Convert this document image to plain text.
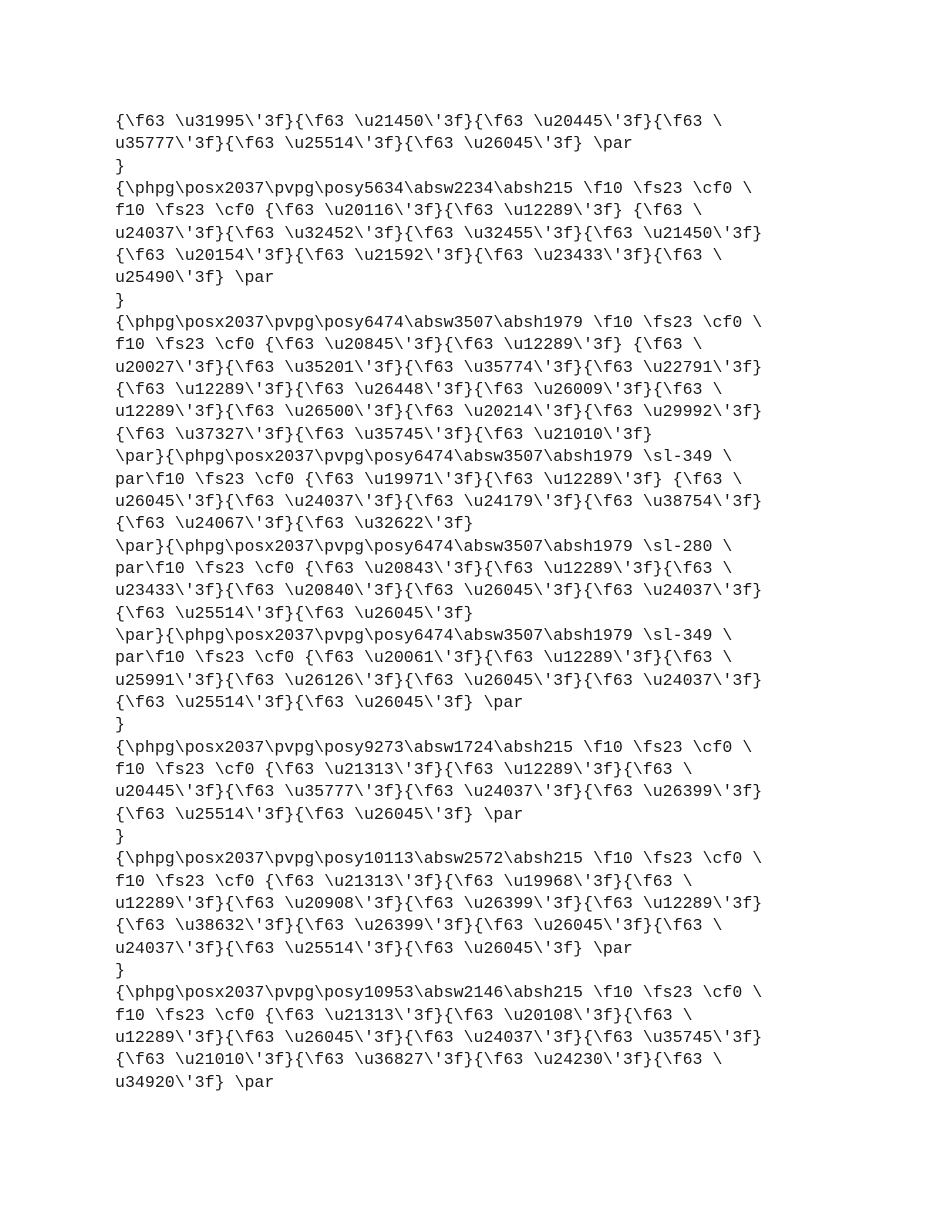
{\f63 \u31995\'3f}{\f63 \u21450\'3f}{\f63 \u20445\'3f}{\f63 \
u35777\'3f}{\f63 \u25514\'3f}{\f63 \u26045\'3f} \par
}
{\phpg\posx2037\pvpg\posy5634\absw2234\absh215 \f10 \fs23 \cf0 \
f10 \fs23 \cf0 {\f63 \u20116\'3f}{\f63 \u12289\'3f} {\f63 \
u24037\'3f}{\f63 \u32452\'3f}{\f63 \u32455\'3f}{\f63 \u21450\'3f}
{\f63 \u20154\'3f}{\f63 \u21592\'3f}{\f63 \u23433\'3f}{\f63 \
u25490\'3f} \par
}
{\phpg\posx2037\pvpg\posy6474\absw3507\absh1979 \f10 \fs23 \cf0 \
f10 \fs23 \cf0 {\f63 \u20845\'3f}{\f63 \u12289\'3f} {\f63 \
u20027\'3f}{\f63 \u35201\'3f}{\f63 \u35774\'3f}{\f63 \u22791\'3f}
{\f63 \u12289\'3f}{\f63 \u26448\'3f}{\f63 \u26009\'3f}{\f63 \
u12289\'3f}{\f63 \u26500\'3f}{\f63 \u20214\'3f}{\f63 \u29992\'3f}
{\f63 \u37327\'3f}{\f63 \u35745\'3f}{\f63 \u21010\'3f}
\par}{\phpg\posx2037\pvpg\posy6474\absw3507\absh1979 \sl-349 \
par\f10 \fs23 \cf0 {\f63 \u19971\'3f}{\f63 \u12289\'3f} {\f63 \
u26045\'3f}{\f63 \u24037\'3f}{\f63 \u24179\'3f}{\f63 \u38754\'3f}
{\f63 \u24067\'3f}{\f63 \u32622\'3f}
\par}{\phpg\posx2037\pvpg\posy6474\absw3507\absh1979 \sl-280 \
par\f10 \fs23 \cf0 {\f63 \u20843\'3f}{\f63 \u12289\'3f}{\f63 \
u23433\'3f}{\f63 \u20840\'3f}{\f63 \u26045\'3f}{\f63 \u24037\'3f}
{\f63 \u25514\'3f}{\f63 \u26045\'3f}
\par}{\phpg\posx2037\pvpg\posy6474\absw3507\absh1979 \sl-349 \
par\f10 \fs23 \cf0 {\f63 \u20061\'3f}{\f63 \u12289\'3f}{\f63 \
u25991\'3f}{\f63 \u26126\'3f}{\f63 \u26045\'3f}{\f63 \u24037\'3f}
{\f63 \u25514\'3f}{\f63 \u26045\'3f} \par
}
{\phpg\posx2037\pvpg\posy9273\absw1724\absh215 \f10 \fs23 \cf0 \
f10 \fs23 \cf0 {\f63 \u21313\'3f}{\f63 \u12289\'3f}{\f63 \
u20445\'3f}{\f63 \u35777\'3f}{\f63 \u24037\'3f}{\f63 \u26399\'3f}
{\f63 \u25514\'3f}{\f63 \u26045\'3f} \par
}
{\phpg\posx2037\pvpg\posy10113\absw2572\absh215 \f10 \fs23 \cf0 \
f10 \fs23 \cf0 {\f63 \u21313\'3f}{\f63 \u19968\'3f}{\f63 \
u12289\'3f}{\f63 \u20908\'3f}{\f63 \u26399\'3f}{\f63 \u12289\'3f}
{\f63 \u38632\'3f}{\f63 \u26399\'3f}{\f63 \u26045\'3f}{\f63 \
u24037\'3f}{\f63 \u25514\'3f}{\f63 \u26045\'3f} \par
}
{\phpg\posx2037\pvpg\posy10953\absw2146\absh215 \f10 \fs23 \cf0 \
f10 \fs23 \cf0 {\f63 \u21313\'3f}{\f63 \u20108\'3f}{\f63 \
u12289\'3f}{\f63 \u26045\'3f}{\f63 \u24037\'3f}{\f63 \u35745\'3f}
{\f63 \u21010\'3f}{\f63 \u36827\'3f}{\f63 \u24230\'3f}{\f63 \
u34920\'3f} \par
